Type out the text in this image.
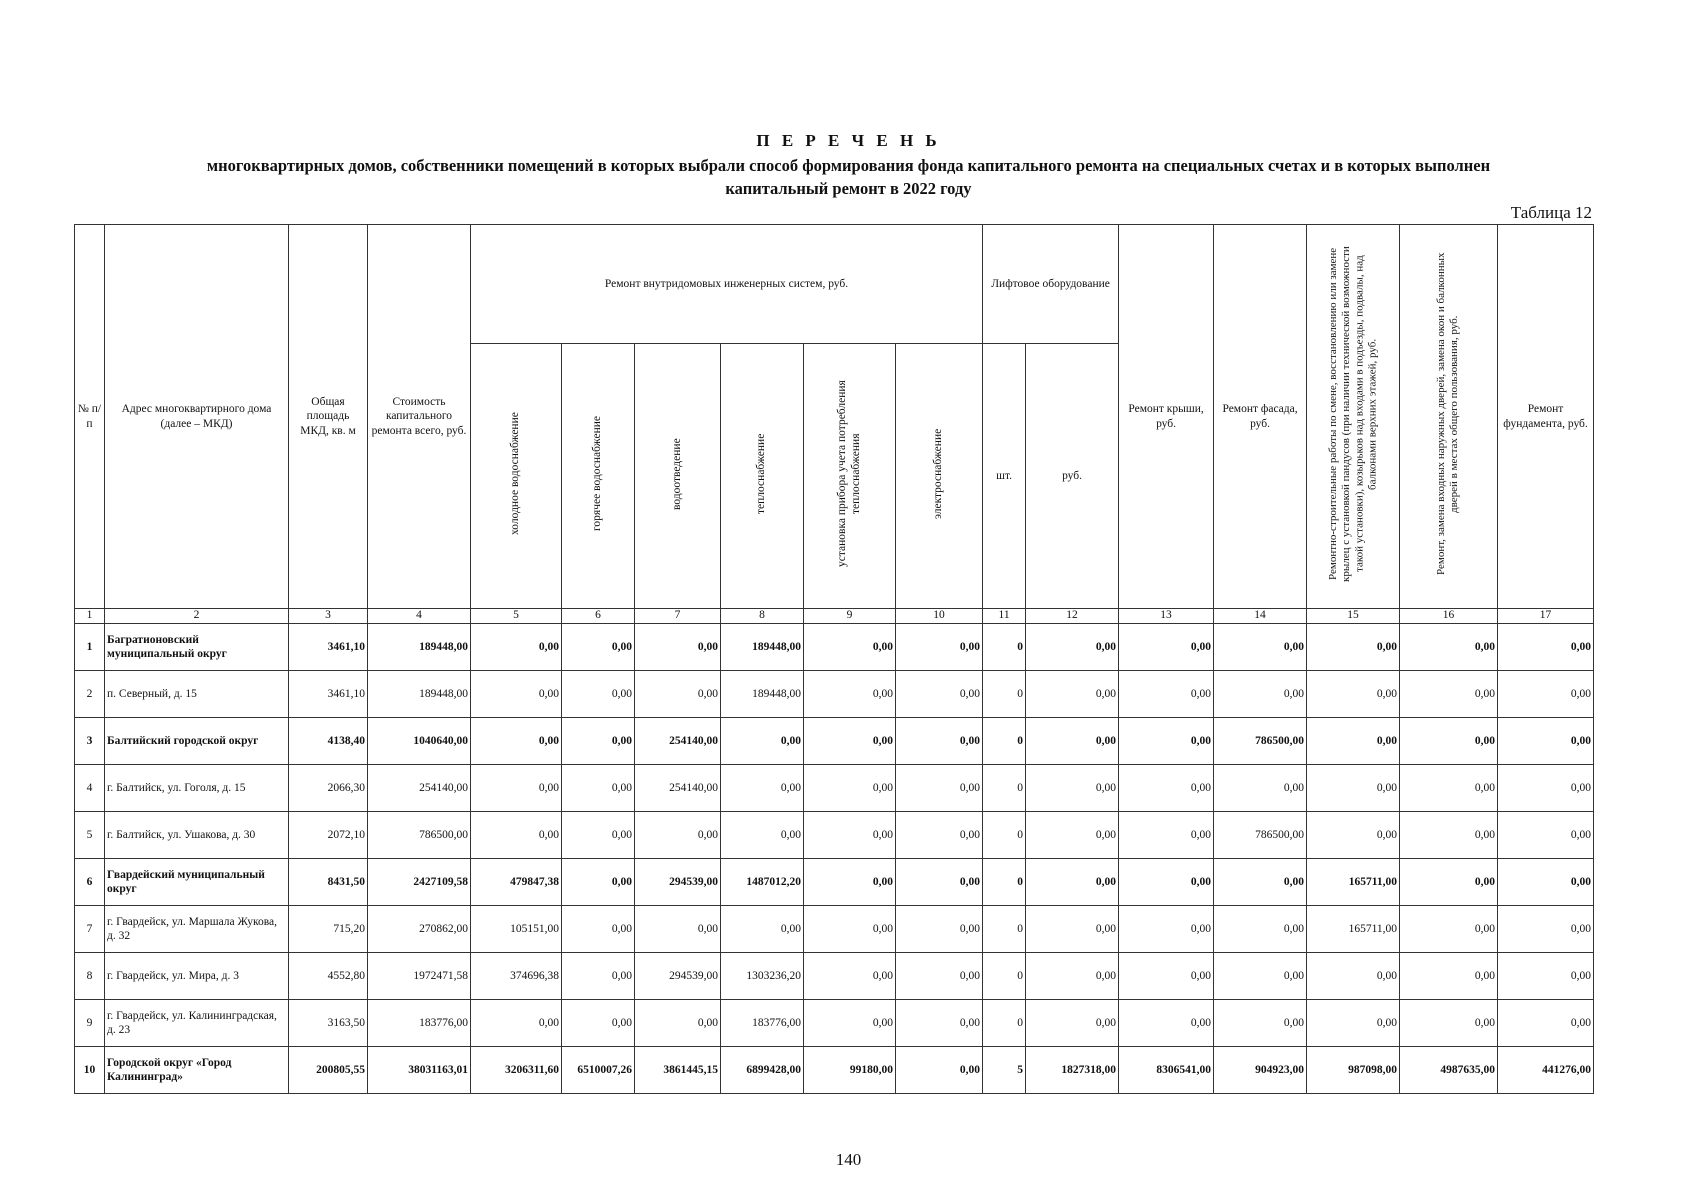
П Е Р Е Ч Е Н Ь
многоквартирных домов, собственники помещений в которых выбрали способ формирования фонда капитального ремонта на специальных счетах и в которых выполнен
капитальный ремонт в 2022 году
Таблица 12
№ п/п	Адрес многоквартирного дома (далее – МКД)	Общая площадь МКД, кв. м	Стоимость капитального ремонта всего, руб.	Ремонт внутридомовых инженерных систем, руб.						Лифтовое оборудование		Ремонт крыши, руб.	Ремонт фасада, руб.	Ремонтно-строительные работы по смене, восстановлению или замене крылец с установкой пандусов (при наличии технической возможности такой установки), козырьков над входами в подъезды, подвалы, над балконами верхних этажей, руб.	Ремонт, замена входных наружных дверей, замена окон и балконных дверей в местах общего пользования, руб.	Ремонт фундамента, руб.
				холодное водоснабжение	горячее водоснабжение	водоотведение	теплоснабжение	установка прибора учета потребления теплоснабжения	электроснабжение	шт.	руб.					
1	2	3	4	5	6	7	8	9	10	11	12	13	14	15	16	17
1	Багратионовский муниципальный округ	3461,10	189448,00	0,00	0,00	0,00	189448,00	0,00	0,00	0	0,00	0,00	0,00	0,00	0,00	0,00
2	п. Северный, д. 15	3461,10	189448,00	0,00	0,00	0,00	189448,00	0,00	0,00	0	0,00	0,00	0,00	0,00	0,00	0,00
3	Балтийский городской округ	4138,40	1040640,00	0,00	0,00	254140,00	0,00	0,00	0,00	0	0,00	0,00	786500,00	0,00	0,00	0,00
4	г. Балтийск, ул. Гоголя, д. 15	2066,30	254140,00	0,00	0,00	254140,00	0,00	0,00	0,00	0	0,00	0,00	0,00	0,00	0,00	0,00
5	г. Балтийск, ул. Ушакова, д. 30	2072,10	786500,00	0,00	0,00	0,00	0,00	0,00	0,00	0	0,00	0,00	786500,00	0,00	0,00	0,00
6	Гвардейский муниципальный округ	8431,50	2427109,58	479847,38	0,00	294539,00	1487012,20	0,00	0,00	0	0,00	0,00	0,00	165711,00	0,00	0,00
7	г. Гвардейск, ул. Маршала Жукова, д. 32	715,20	270862,00	105151,00	0,00	0,00	0,00	0,00	0,00	0	0,00	0,00	0,00	165711,00	0,00	0,00
8	г. Гвардейск, ул. Мира, д. 3	4552,80	1972471,58	374696,38	0,00	294539,00	1303236,20	0,00	0,00	0	0,00	0,00	0,00	0,00	0,00	0,00
9	г. Гвардейск, ул. Калининградская, д. 23	3163,50	183776,00	0,00	0,00	0,00	183776,00	0,00	0,00	0	0,00	0,00	0,00	0,00	0,00	0,00
10	Городской округ «Город Калининград»	200805,55	38031163,01	3206311,60	6510007,26	3861445,15	6899428,00	99180,00	0,00	5	1827318,00	8306541,00	904923,00	987098,00	4987635,00	441276,00
140
